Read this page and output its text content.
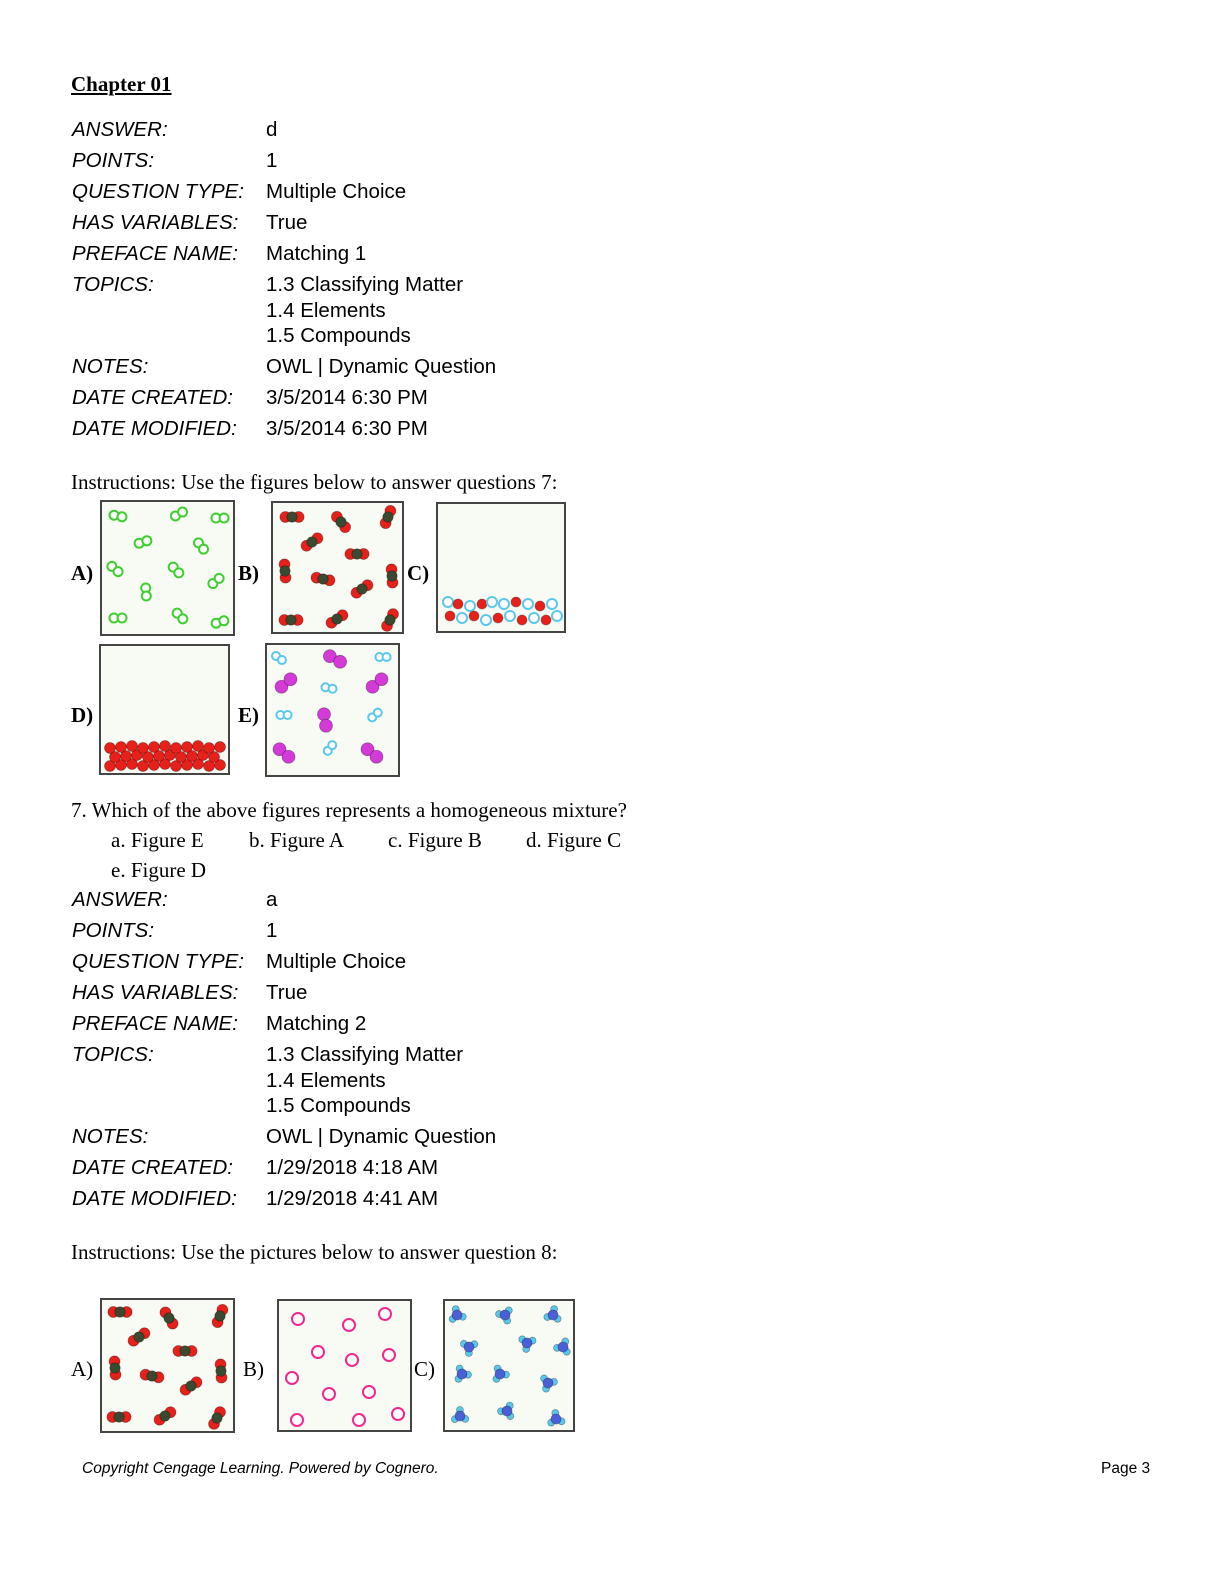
Chapter 01
ANSWER:	d
POINTS:	1
QUESTION TYPE:	Multiple Choice
HAS VARIABLES:	True
PREFACE NAME:	Matching 1
TOPICS:	1.3 Classifying Matter
1.4 Elements
1.5 Compounds
NOTES:	OWL | Dynamic Question
DATE CREATED:	3/5/2014 6:30 PM
DATE MODIFIED:	3/5/2014 6:30 PM
Instructions: Use the figures below to answer questions 7:
A)	B)	C)
D)	E)
7. Which of the above figures represents a homogeneous mixture?
a. Figure E b. Figure A c. Figure B d. Figure C
e. Figure D
ANSWER:	a
POINTS:	1
QUESTION TYPE:	Multiple Choice
HAS VARIABLES:	True
PREFACE NAME:	Matching 2
TOPICS:	1.3 Classifying Matter
1.4 Elements
1.5 Compounds
NOTES:	OWL | Dynamic Question
DATE CREATED:	1/29/2018 4:18 AM
DATE MODIFIED:	1/29/2018 4:41 AM
Instructions: Use the pictures below to answer question 8:
A)	B)	C)
Copyright Cengage Learning. Powered by Cognero.	Page 3
